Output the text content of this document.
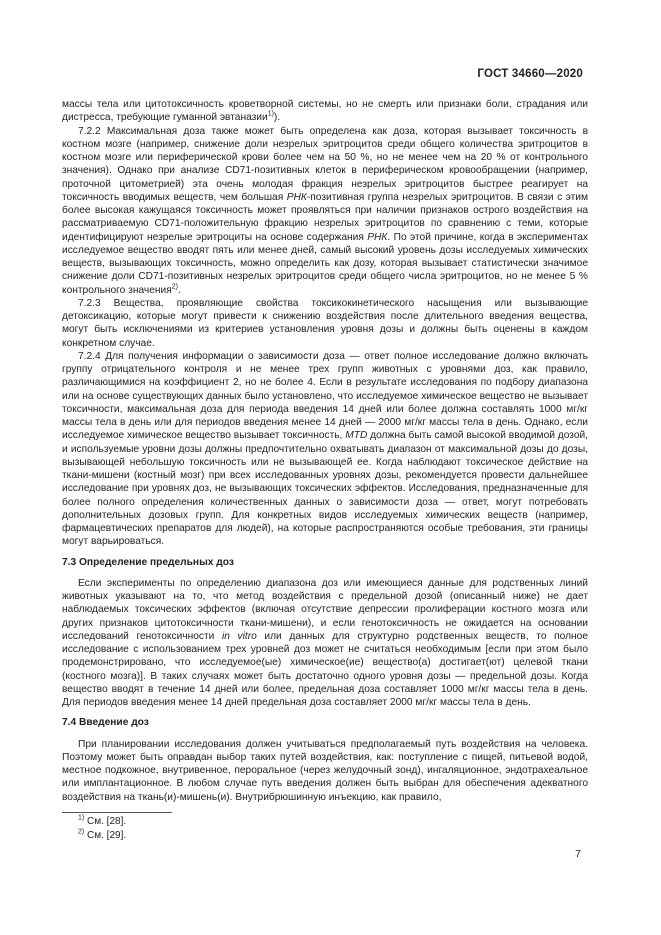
ГОСТ 34660—2020

массы тела или цитотоксичность кроветворной системы, но не смерть или признаки боли, страдания или дистресса, требующие гуманной эвтаназии$^{1)}$).

7.2.2 Максимальная доза также может быть определена как доза, которая вызывает токсичность в костном мозге (например, снижение доли незрелых эритроцитов среди общего количества эритроцитов в костном мозге или периферической крови более чем на 50 %, но не менее чем на 20 % от контрольного значения). Однако при анализе CD71-позитивных клеток в периферическом кровообращении (например, проточной цитометрией) эта очень молодая фракция незрелых эритроцитов быстрее реагирует на токсичность вводимых веществ, чем большая РНК-позитивная группа незрелых эритроцитов. В связи с этим более высокая кажущаяся токсичность может проявляться при наличии признаков острого воздействия на рассматриваемую CD71-положительную фракцию незрелых эритроцитов по сравнению с теми, которые идентифицируют незрелые эритроциты на основе содержания РНК. По этой причине, когда в экспериментах исследуемое вещество вводят пять или менее дней, самый высокий уровень дозы исследуемых химических веществ, вызывающих токсичность, можно определить как дозу, которая вызывает статистически значимое снижение доли CD71-позитивных незрелых эритроцитов среди общего числа эритроцитов, но не менее 5 % контрольного значения$^{2)}$.

7.2.3 Вещества, проявляющие свойства токсикокинетического насыщения или вызывающие детоксикацию, которые могут привести к снижению воздействия после длительного введения вещества, могут быть исключениями из критериев установления уровня дозы и должны быть оценены в каждом конкретном случае.

7.2.4 Для получения информации о зависимости доза — ответ полное исследование должно включать группу отрицательного контроля и не менее трех групп животных с уровнями доз, как правило, различающимися на коэффициент 2, но не более 4. Если в результате исследования по подбору диапазона или на основе существующих данных было установлено, что исследуемое химическое вещество не вызывает токсичности, максимальная доза для периода введения 14 дней или более должна составлять 1000 мг/кг массы тела в день или для периодов введения менее 14 дней — 2000 мг/кг массы тела в день. Однако, если исследуемое химическое вещество вызывает токсичность, MTD должна быть самой высокой вводимой дозой, и используемые уровни дозы должны предпочтительно охватывать диапазон от максимальной дозы до дозы, вызывающей небольшую токсичность или не вызывающей ее. Когда наблюдают токсическое действие на ткани-мишени (костный мозг) при всех исследованных уровнях дозы, рекомендуется провести дальнейшее исследование при уровнях доз, не вызывающих токсических эффектов. Исследования, предназначенные для более полного определения количественных данных о зависимости доза — ответ, могут потребовать дополнительных дозовых групп. Для конкретных видов исследуемых химических веществ (например, фармацевтических препаратов для людей), на которые распространяются особые требования, эти границы могут варьироваться.

7.3 Определение предельных доз

Если эксперименты по определению диапазона доз или имеющиеся данные для родственных линий животных указывают на то, что метод воздействия с предельной дозой (описанный ниже) не дает наблюдаемых токсических эффектов (включая отсутствие депрессии пролиферации костного мозга или других признаков цитотоксичности ткани-мишени), и если генотоксичность не ожидается на основании исследований генотоксичности in vitro или данных для структурно родственных веществ, то полное исследование с использованием трех уровней доз может не считаться необходимым [если при этом было продемонстрировано, что исследуемое(ые) химическое(ие) вещество(а) достигает(ют) целевой ткани (костного мозга)]. В таких случаях может быть достаточно одного уровня дозы — предельной дозы. Когда вещество вводят в течение 14 дней или более, предельная доза составляет 1000 мг/кг массы тела в день. Для периодов введения менее 14 дней предельная доза составляет 2000 мг/кг массы тела в день.

7.4 Введение доз

При планировании исследования должен учитываться предполагаемый путь воздействия на человека. Поэтому может быть оправдан выбор таких путей воздействия, как: поступление с пищей, питьевой водой, местное подкожное, внутривенное, пероральное (через желудочный зонд), ингаляционное, эндотрахеальное или имплантационное. В любом случае путь введения должен быть выбран для обеспечения адекватного воздействия на ткань(и)-мишень(и). Внутрибрюшинную инъекцию, как правило,

$^{1)}$ См. [28].
$^{2)}$ См. [29].
7
